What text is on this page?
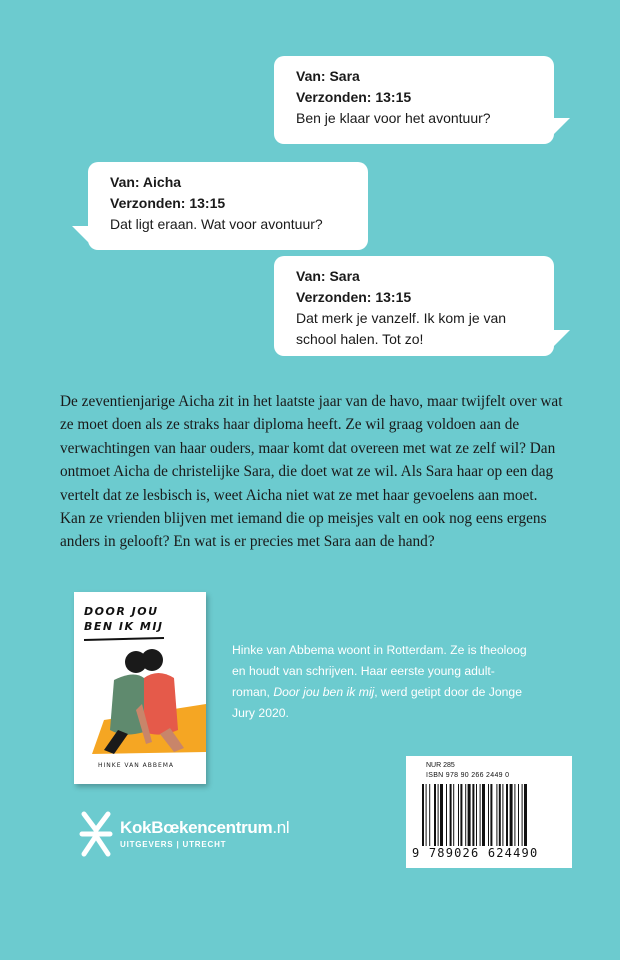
Van: Sara
Verzonden: 13:15
Ben je klaar voor het avontuur?
Van: Aicha
Verzonden: 13:15
Dat ligt eraan. Wat voor avontuur?
Van: Sara
Verzonden: 13:15
Dat merk je vanzelf. Ik kom je van school halen. Tot zo!

De zeventienjarige Aicha zit in het laatste jaar van de havo, maar twijfelt over wat ze moet doen als ze straks haar diploma heeft. Ze wil graag voldoen aan de verwachtingen van haar ouders, maar komt dat overeen met wat ze zelf wil? Dan ontmoet Aicha de christelijke Sara, die doet wat ze wil. Als Sara haar op een dag vertelt dat ze lesbisch is, weet Aicha niet wat ze met haar gevoelens aan moet. Kan ze vrienden blijven met iemand die op meisjes valt en ook nog eens ergens anders in gelooft? En wat is er precies met Sara aan de hand?

DOOR JOU BEN IK MIJ
HINKE VAN ABBEMA

Hinke van Abbema woont in Rotterdam. Ze is theoloog en houdt van schrijven. Haar eerste young adult-roman, Door jou ben ik mij, werd getipt door de Jonge Jury 2020.

KokBœkencentrum.nl
UITGEVERS | UTRECHT
NUR 285
ISBN 978 90 266 2449 0
9 789026 624490
